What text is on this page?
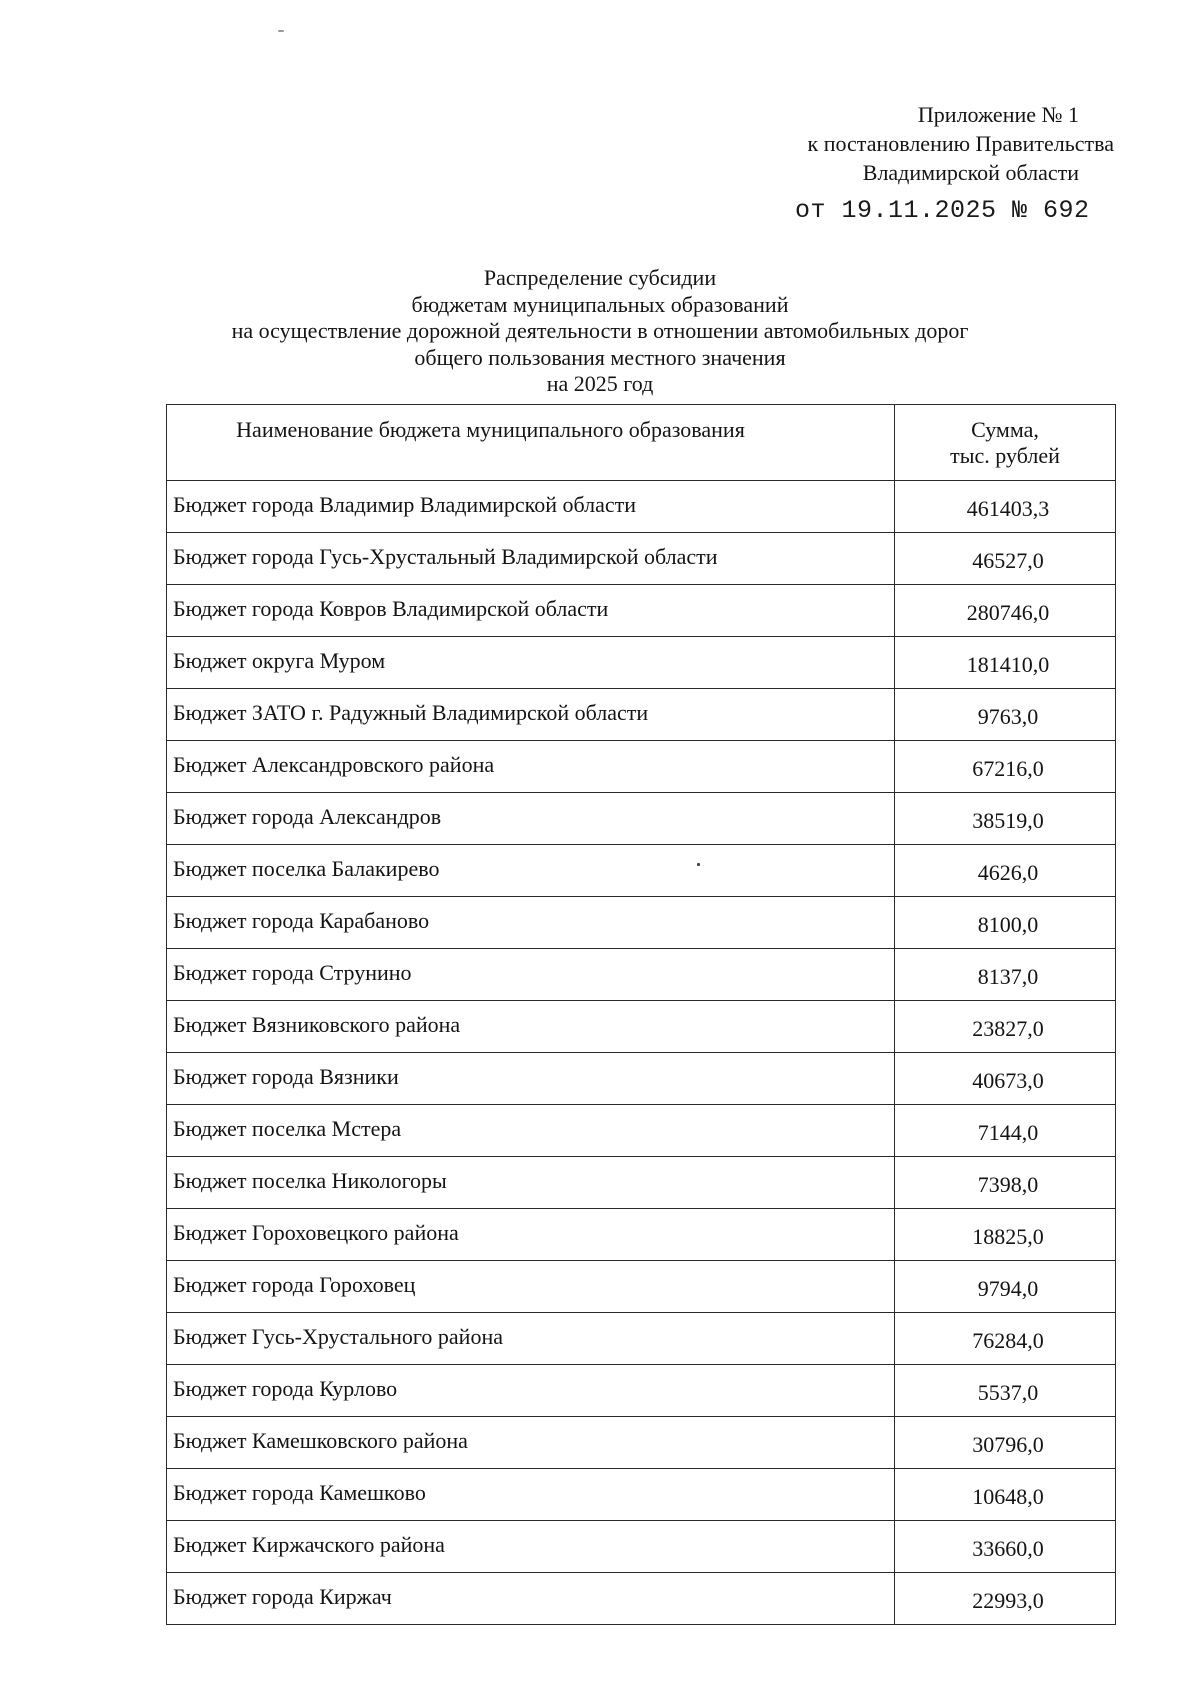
Приложение № 1
к постановлению Правительства
Владимирской области
от 19.11.2025 № 692
Распределение субсидии
бюджетам муниципальных образований
на осуществление дорожной деятельности в отношении автомобильных дорог
общего пользования местного значения
на 2025 год
Наименование бюджета муниципального образования	Сумма,
тыс. рублей

Бюджет города Владимир Владимирской области	461403,3
Бюджет города Гусь-Хрустальный Владимирской области	46527,0
Бюджет города Ковров Владимирской области	280746,0
Бюджет округа Муром	181410,0
Бюджет ЗАТО г. Радужный Владимирской области	9763,0
Бюджет Александровского района	67216,0
Бюджет города Александров	38519,0
Бюджет поселка Балакирево	4626,0
Бюджет города Карабаново	8100,0
Бюджет города Струнино	8137,0
Бюджет Вязниковского района	23827,0
Бюджет города Вязники	40673,0
Бюджет поселка Мстера	7144,0
Бюджет поселка Никологоры	7398,0
Бюджет Гороховецкого района	18825,0
Бюджет города Гороховец	9794,0
Бюджет Гусь-Хрустального района	76284,0
Бюджет города Курлово	5537,0
Бюджет Камешковского района	30796,0
Бюджет города Камешково	10648,0
Бюджет Киржачского района	33660,0
Бюджет города Киржач	22993,0
